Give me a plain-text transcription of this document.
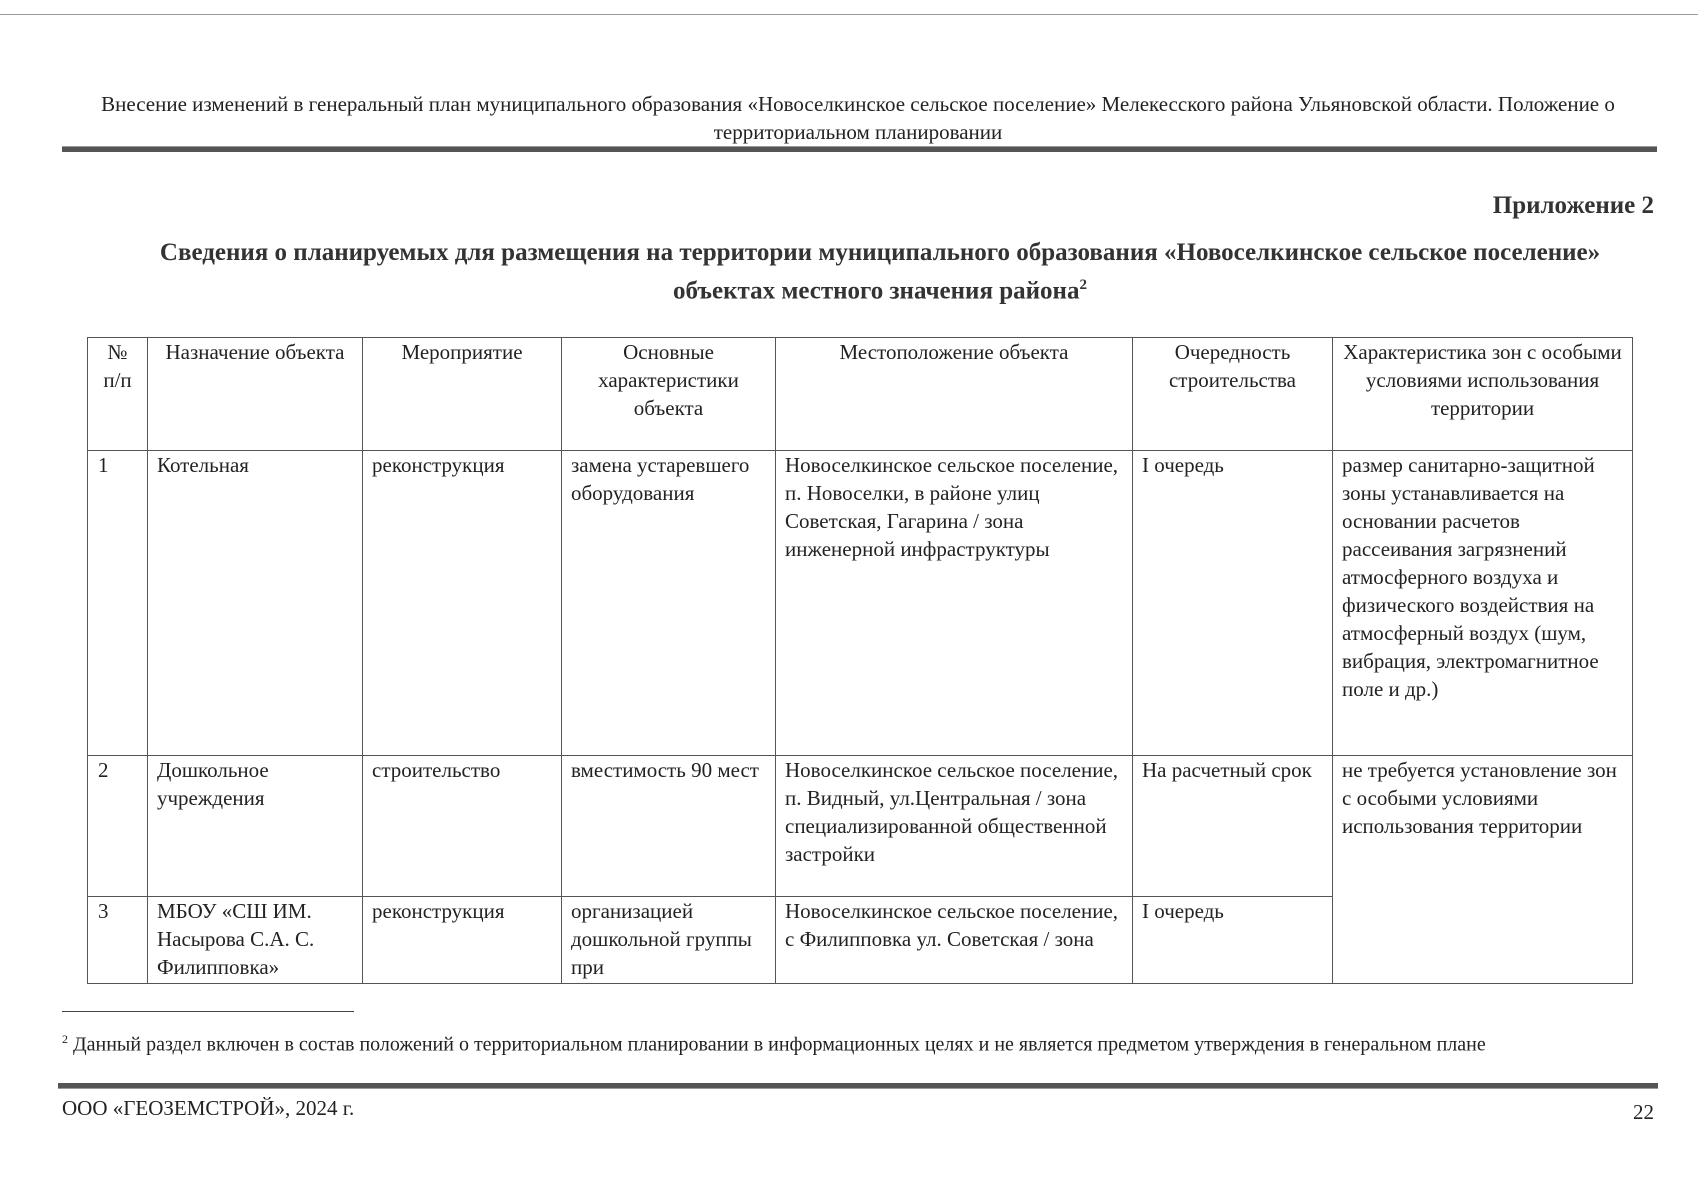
Внесение изменений в генеральный план муниципального образования «Новоселкинское сельское поселение» Мелекесского района Ульяновской области. Положение о территориальном планировании
Приложение 2
Сведения о планируемых для размещения на территории муниципального образования «Новоселкинское сельское поселение» объектах местного значения района$^2$
№ п/п	Назначение объекта	Мероприятие	Основные характеристики объекта	Местоположение объекта	Очередность строительства	Характеристика зон с особыми условиями использования территории
1	Котельная	реконструкция	замена устаревшего оборудования	Новоселкинское сельское поселение, п. Новоселки, в районе улиц Советская, Гагарина / зона инженерной инфраструктуры	I очередь	размер санитарно-защитной зоны устанавливается на основании расчетов рассеивания загрязнений атмосферного воздуха и физического воздействия на атмосферный воздух (шум, вибрация, электромагнитное поле и др.)
2	Дошкольное учреждения	строительство	вместимость 90 мест	Новоселкинское сельское поселение, п. Видный, ул.Центральная / зона специализированной общественной застройки	На расчетный срок	не требуется установление зон с особыми условиями использования территории
3	МБОУ «СШ ИМ. Насырова С.А. С. Филипповка»	реконструкция	организацией дошкольной группы при	Новоселкинское сельское поселение, с Филипповка ул. Советская / зона	I очередь	
$^2$ Данный раздел включен в состав положений о территориальном планировании в информационных целях и не является предметом утверждения в генеральном плане
ООО «ГЕОЗЕМСТРОЙ», 2024 г.	22
